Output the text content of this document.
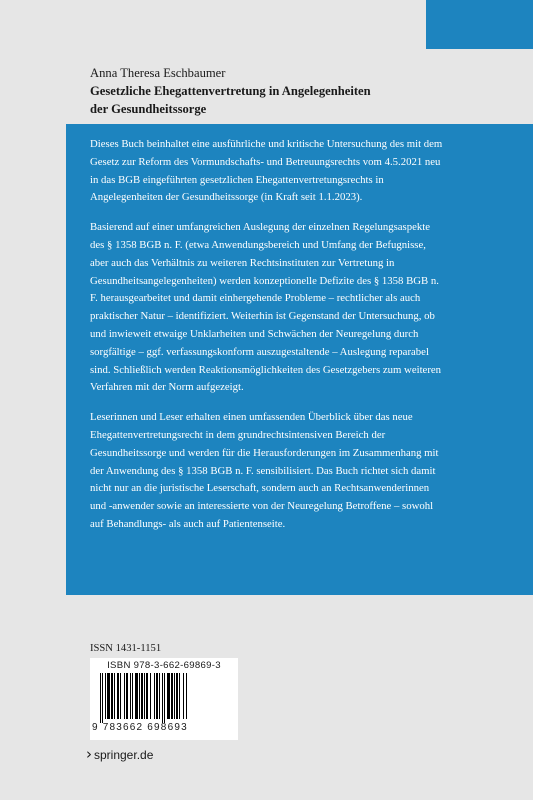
Anna Theresa Eschbaumer

Gesetzliche Ehegattenvertretung in Angelegenheiten

der Gesundheitssorge

Dieses Buch beinhaltet eine ausführliche und kritische Untersuchung des mit dem Gesetz zur Reform des Vormundschafts- und Betreuungsrechts vom 4.5.2021 neu in das BGB eingeführten gesetzlichen Ehegattenvertretungsrechts in Angelegenheiten der Gesundheitssorge (in Kraft seit 1.1.2023).

Basierend auf einer umfangreichen Auslegung der einzelnen Regelungsaspekte des § 1358 BGB n. F. (etwa Anwendungsbereich und Umfang der Befugnisse, aber auch das Verhältnis zu weiteren Rechtsinstituten zur Vertretung in Gesundheitsangelegenheiten) werden konzeptionelle Defizite des § 1358 BGB n. F. herausgearbeitet und damit einhergehende Probleme – rechtlicher als auch praktischer Natur – identifiziert. Weiterhin ist Gegenstand der Untersuchung, ob und inwieweit etwaige Unklarheiten und Schwächen der Neuregelung durch sorgfältige – ggf. verfassungskonform auszugestaltende – Auslegung reparabel sind. Schließlich werden Reaktionsmöglichkeiten des Gesetzgebers zum weiteren Verfahren mit der Norm aufgezeigt.

Leserinnen und Leser erhalten einen umfassenden Überblick über das neue Ehegattenvertretungsrecht in dem grundrechtsintensiven Bereich der Gesundheitssorge und werden für die Herausforderungen im Zusammenhang mit der Anwendung des § 1358 BGB n. F. sensibilisiert. Das Buch richtet sich damit nicht nur an die juristische Leserschaft, sondern auch an Rechtsanwenderinnen und -anwender sowie an interessierte von der Neuregelung Betroffene – sowohl auf Behandlungs- als auch auf Patientenseite.

ISSN 1431-1151
ISBN 978-3-662-69869-3
9 783662 698693
› springer.de
